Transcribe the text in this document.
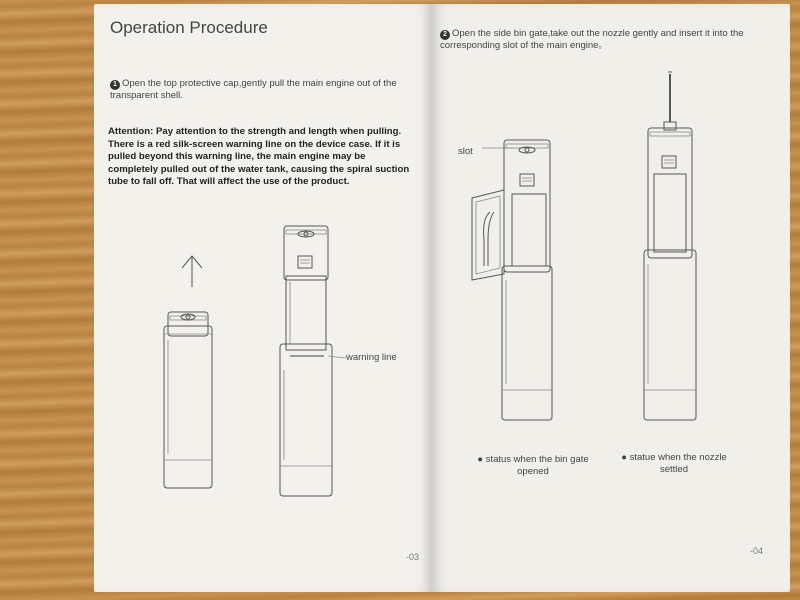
Operation Procedure
1 Open the top protective cap,gently pull the main engine out of the transparent shell.
Attention: Pay attention to the strength and length when pulling. There is a red silk-screen warning line on the device case. If it is pulled beyond this warning line, the main engine may be completely pulled out of the water tank, causing the spiral suction tube to fall off. That will affect the use of the product.
warning line
-03
2 Open the side bin gate,take out the nozzle gently and insert it into the corresponding slot of the main engine。
slot
● status when the bin gate opened
● statue when the nozzle settled
-04
